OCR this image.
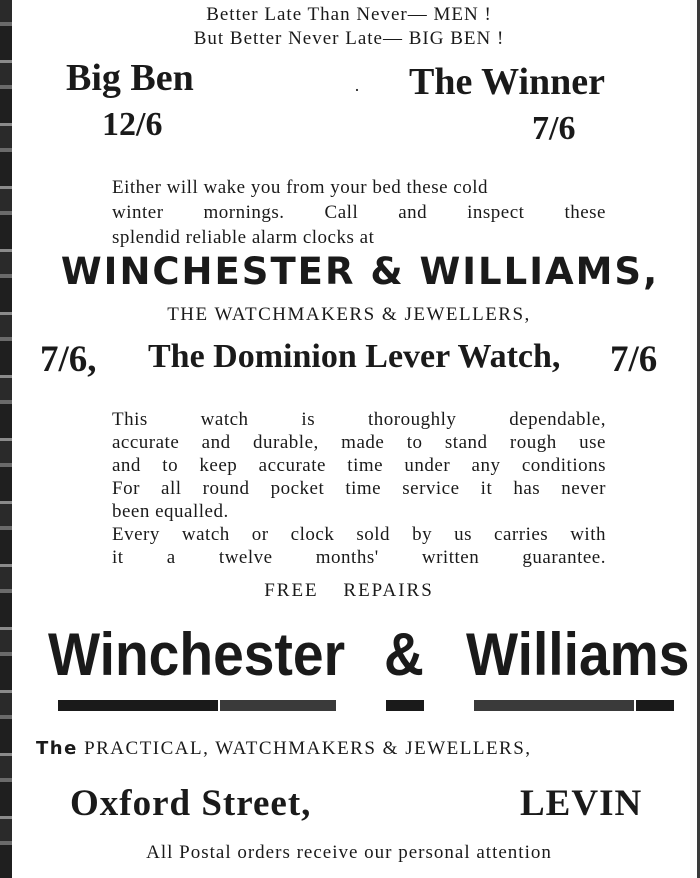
Better Late Than Never— MEN !
But Better Never Late— BIG BEN !
Big Ben
12/6
· The Winner
7/6
Either will wake you from your bed these cold
winter mornings. Call and inspect these
splendid reliable alarm clocks at
WINCHESTER & WILLIAMS,
THE WATCHMAKERS & JEWELLERS,
7/6, The Dominion Lever Watch, 7/6
This watch is thoroughly dependable,
accurate and durable, made to stand rough use
and to keep accurate time under any conditions
For all round pocket time service it has never
been equalled.
Every watch or clock sold by us carries with
it a twelve months' written guarantee.
FREE REPAIRS
Winchester & Williams
The PRACTICAL, WATCHMAKERS & JEWELLERS,
Oxford Street,	LEVIN
All Postal orders receive our personal attention
